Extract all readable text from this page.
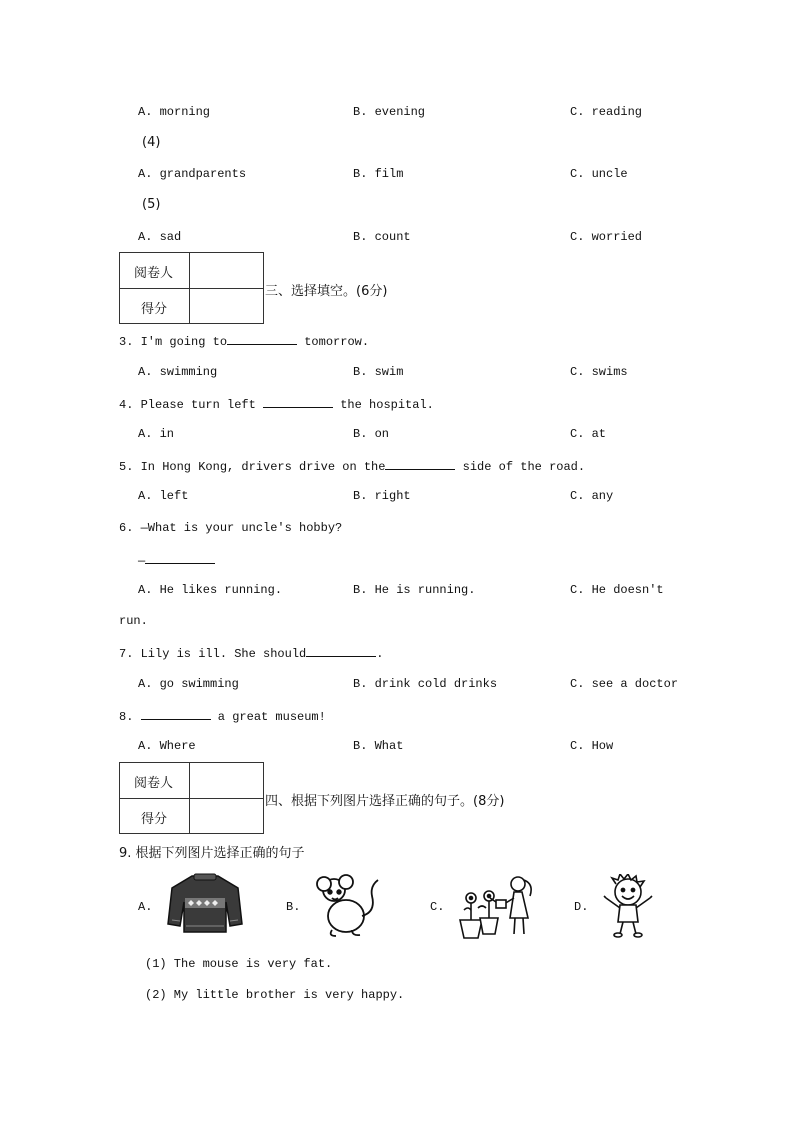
A. morning	B. evening	C. reading
(4)
A. grandparents	B. film	C. uncle
(5)
A. sad	B. count	C. worried
阅卷人
得分
三、选择填空。(6分)
3. I'm going to	tomorrow.
A. swimming	B. swim	C. swims
4. Please turn left	the hospital.
A. in	B. on	C. at
5. In Hong Kong, drivers drive on the	side of the road.
A. left	B. right	C. any
6. —What is your uncle's hobby?
—
A. He likes running.	B. He is running.	C. He doesn't
run.
7. Lily is ill. She should	.
A. go swimming	B. drink cold drinks	C. see a doctor
8.	a great museum!
A. Where	B. What	C. How
阅卷人
得分
四、根据下列图片选择正确的句子。(8分)
9. 根据下列图片选择正确的句子
A.	B.	C.	D.
(1) The mouse is very fat.
(2) My little brother is very happy.
